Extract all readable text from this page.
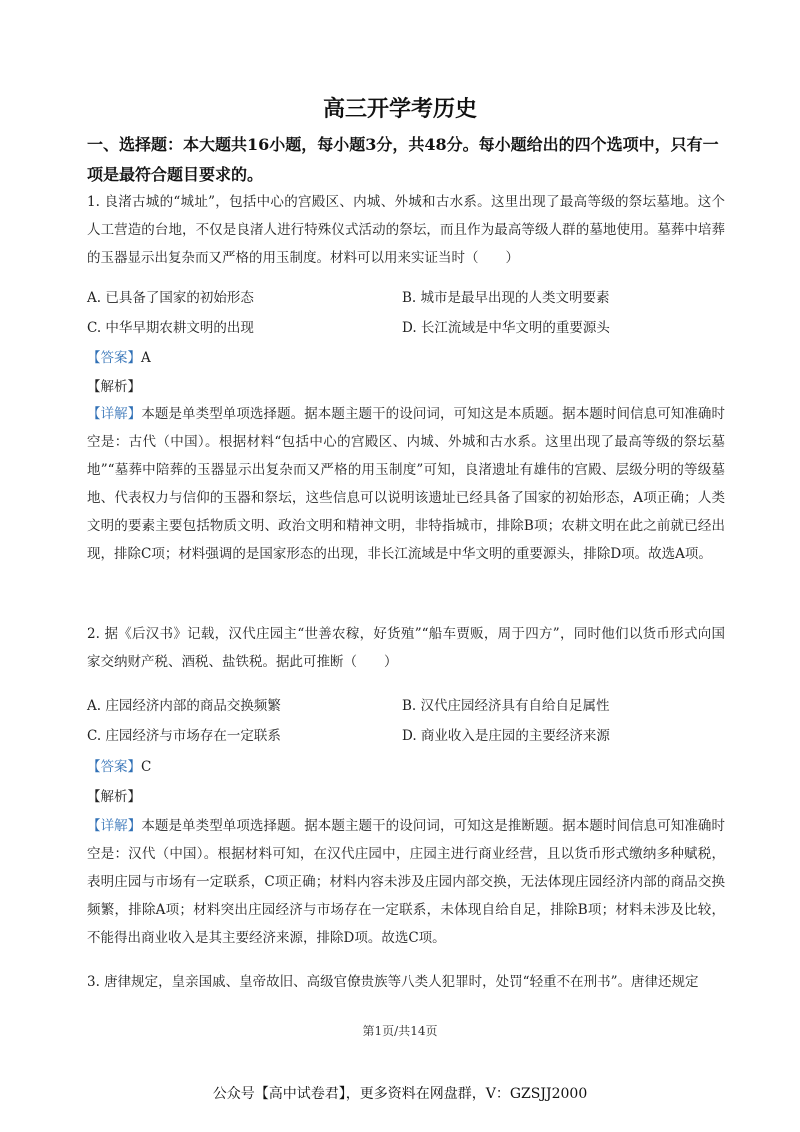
高三开学考历史
一、选择题：本大题共16小题，每小题3分，共48分。每小题给出的四个选项中，只有一项是最符合题目要求的。
1. 良渚古城的“城址”，包括中心的宫殿区、内城、外城和古水系。这里出现了最高等级的祭坛墓地。这个人工营造的台地，不仅是良渚人进行特殊仪式活动的祭坛，而且作为最高等级人群的墓地使用。墓葬中培葬的玉器显示出复杂而又严格的用玉制度。材料可以用来实证当时（　　）
A. 已具备了国家的初始形态	B. 城市是最早出现的人类文明要素
C. 中华早期农耕文明的出现	D. 长江流域是中华文明的重要源头
【答案】A
【解析】
【详解】本题是单类型单项选择题。据本题主题干的设问词，可知这是本质题。据本题时间信息可知准确时空是：古代（中国）。根据材料“包括中心的宫殿区、内城、外城和古水系。这里出现了最高等级的祭坛墓地”“墓葬中陪葬的玉器显示出复杂而又严格的用玉制度”可知，良渚遗址有雄伟的宫殿、层级分明的等级墓地、代表权力与信仰的玉器和祭坛，这些信息可以说明该遗址已经具备了国家的初始形态，A项正确；人类文明的要素主要包括物质文明、政治文明和精神文明，非特指城市，排除B项；农耕文明在此之前就已经出现，排除C项；材料强调的是国家形态的出现，非长江流域是中华文明的重要源头，排除D项。故选A项。
2. 据《后汉书》记载，汉代庄园主“世善农稼，好货殖”“船车贾贩，周于四方”，同时他们以货币形式向国家交纳财产税、酒税、盐铁税。据此可推断（　　）
A. 庄园经济内部的商品交换频繁	B. 汉代庄园经济具有自给自足属性
C. 庄园经济与市场存在一定联系	D. 商业收入是庄园的主要经济来源
【答案】C
【解析】
【详解】本题是单类型单项选择题。据本题主题干的设问词，可知这是推断题。据本题时间信息可知准确时空是：汉代（中国）。根据材料可知，在汉代庄园中，庄园主进行商业经营，且以货币形式缴纳多种赋税，表明庄园与市场有一定联系，C项正确；材料内容未涉及庄园内部交换，无法体现庄园经济内部的商品交换频繁，排除A项；材料突出庄园经济与市场存在一定联系，未体现自给自足，排除B项；材料未涉及比较，不能得出商业收入是其主要经济来源，排除D项。故选C项。
3. 唐律规定，皇亲国戚、皇帝故旧、高级官僚贵族等八类人犯罪时，处罚“轻重不在刑书”。唐律还规定
第1页/共14页
公众号【高中试卷君】，更多资料在网盘群，V：GZSJJ2000
